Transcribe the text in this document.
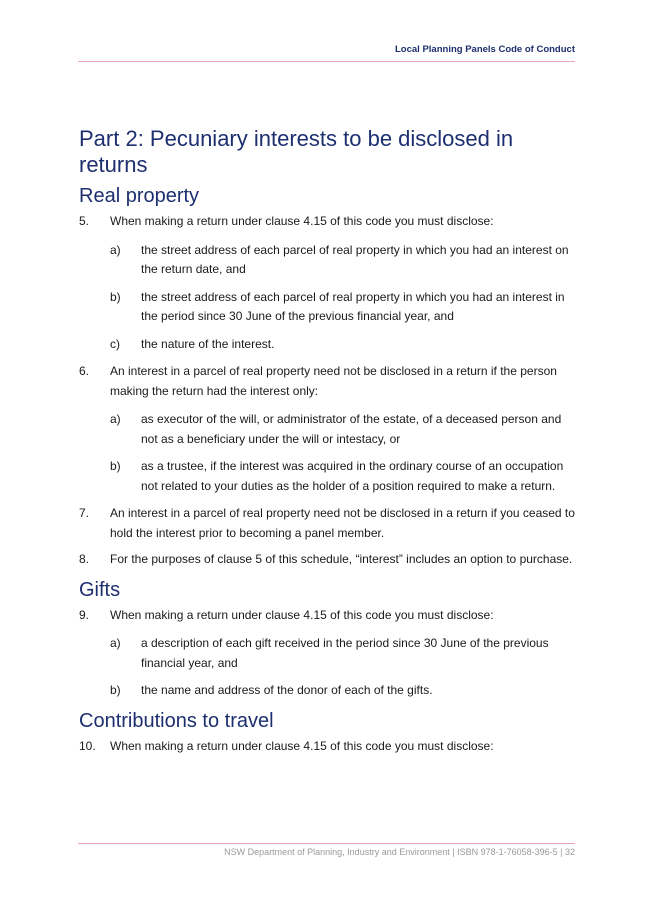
Local Planning Panels Code of Conduct
Part 2: Pecuniary interests to be disclosed in returns
Real property
5.	When making a return under clause 4.15 of this code you must disclose:
a)	the street address of each parcel of real property in which you had an interest on the return date, and
b)	the street address of each parcel of real property in which you had an interest in the period since 30 June of the previous financial year, and
c)	the nature of the interest.
6.	An interest in a parcel of real property need not be disclosed in a return if the person making the return had the interest only:
a)	as executor of the will, or administrator of the estate, of a deceased person and not as a beneficiary under the will or intestacy, or
b)	as a trustee, if the interest was acquired in the ordinary course of an occupation not related to your duties as the holder of a position required to make a return.
7.	An interest in a parcel of real property need not be disclosed in a return if you ceased to hold the interest prior to becoming a panel member.
8.	For the purposes of clause 5 of this schedule, “interest” includes an option to purchase.
Gifts
9.	When making a return under clause 4.15 of this code you must disclose:
a)	a description of each gift received in the period since 30 June of the previous financial year, and
b)	the name and address of the donor of each of the gifts.
Contributions to travel
10.	When making a return under clause 4.15 of this code you must disclose:
NSW Department of Planning, Industry and Environment | ISBN 978-1-76058-396-5 | 32
